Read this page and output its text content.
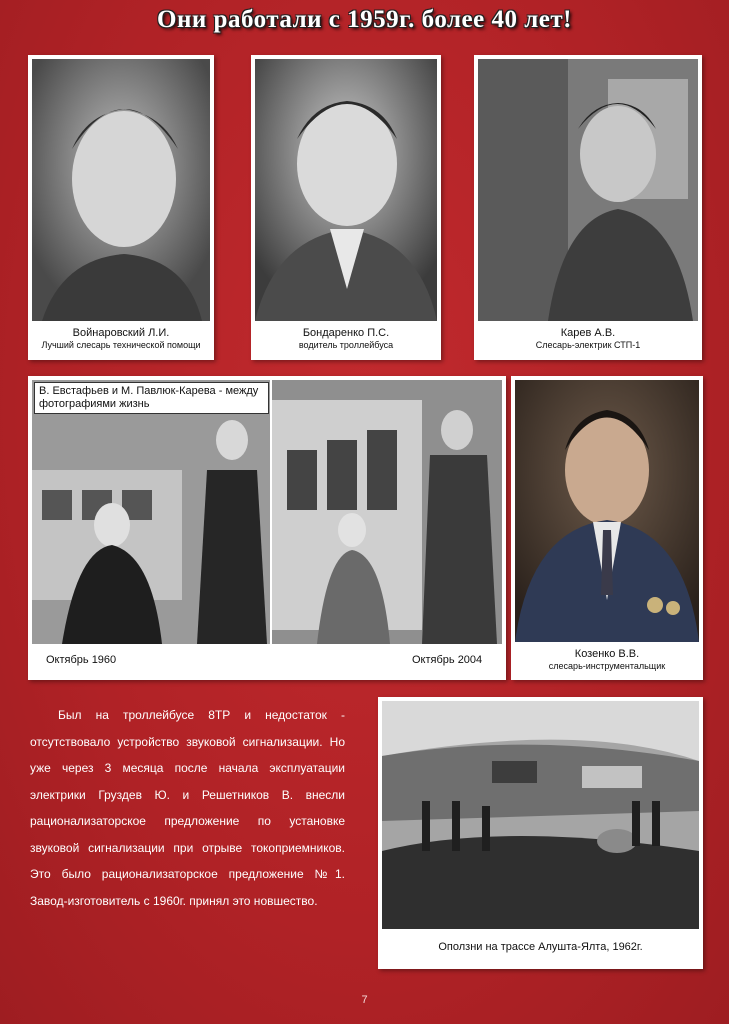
Они работали с 1959г. более 40 лет!
Войнаровский Л.И.
Лучший слесарь технической помощи
Бондаренко П.С.
водитель троллейбуса
Карев А.В.
Слесарь-электрик СТП-1
В. Евстафьев и М. Павлюк-Карева - между фотографиями жизнь
Октябрь 1960	Октябрь 2004	Козенко В.В.
слесарь-инструментальщик

Был на троллейбусе 8ТР и недостаток - отсутствовало устройство звуковой сигнализации. Но уже через 3 месяца после начала эксплуатации электрики Груздев Ю. и Решетников В. внесли рационализаторское предложение по установке звуковой сигнализации при отрыве токоприемников. Это было рационализаторское предложение №1. Завод-изготовитель с 1960г. принял это новшество.

Оползни на трассе Алушта-Ялта, 1962г.
7
